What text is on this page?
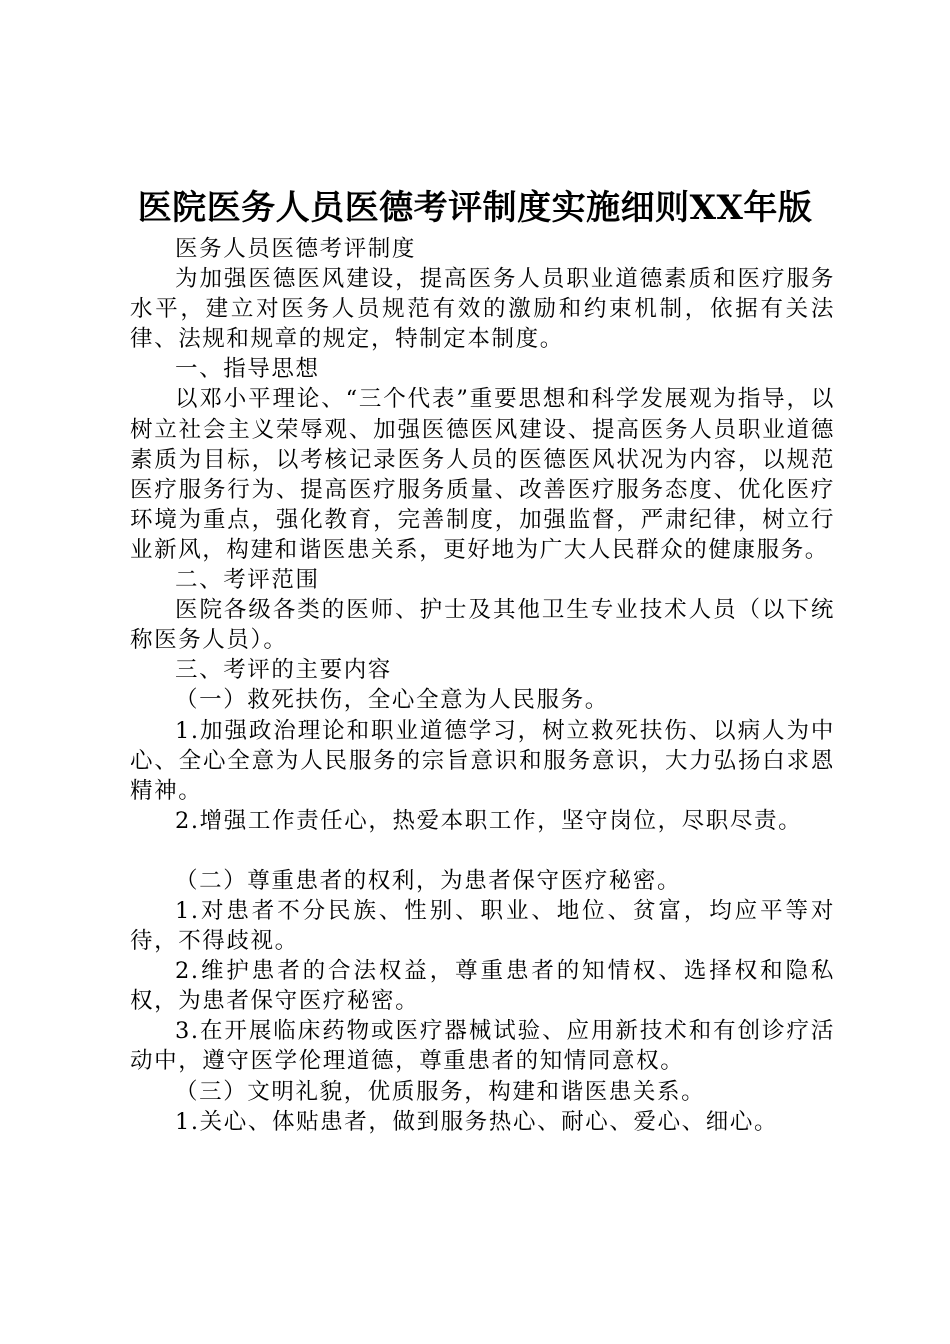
医院医务人员医德考评制度实施细则XX年版

医务人员医德考评制度

为加强医德医风建设，提高医务人员职业道德素质和医疗服务水平，建立对医务人员规范有效的激励和约束机制，依据有关法律、法规和规章的规定，特制定本制度。

一、指导思想

以邓小平理论、“三个代表”重要思想和科学发展观为指导，以树立社会主义荣辱观、加强医德医风建设、提高医务人员职业道德素质为目标，以考核记录医务人员的医德医风状况为内容，以规范医疗服务行为、提高医疗服务质量、改善医疗服务态度、优化医疗环境为重点，强化教育，完善制度，加强监督，严肃纪律，树立行业新风，构建和谐医患关系，更好地为广大人民群众的健康服务。

二、考评范围

医院各级各类的医师、护士及其他卫生专业技术人员（以下统称医务人员）。

三、考评的主要内容

（一）救死扶伤，全心全意为人民服务。

1.加强政治理论和职业道德学习，树立救死扶伤、以病人为中心、全心全意为人民服务的宗旨意识和服务意识，大力弘扬白求恩精神。

2.增强工作责任心，热爱本职工作，坚守岗位，尽职尽责。

（二）尊重患者的权利，为患者保守医疗秘密。

1.对患者不分民族、性别、职业、地位、贫富，均应平等对待，不得歧视。

2.维护患者的合法权益，尊重患者的知情权、选择权和隐私权，为患者保守医疗秘密。

3.在开展临床药物或医疗器械试验、应用新技术和有创诊疗活动中，遵守医学伦理道德，尊重患者的知情同意权。

（三）文明礼貌，优质服务，构建和谐医患关系。

1.关心、体贴患者，做到服务热心、耐心、爱心、细心。
